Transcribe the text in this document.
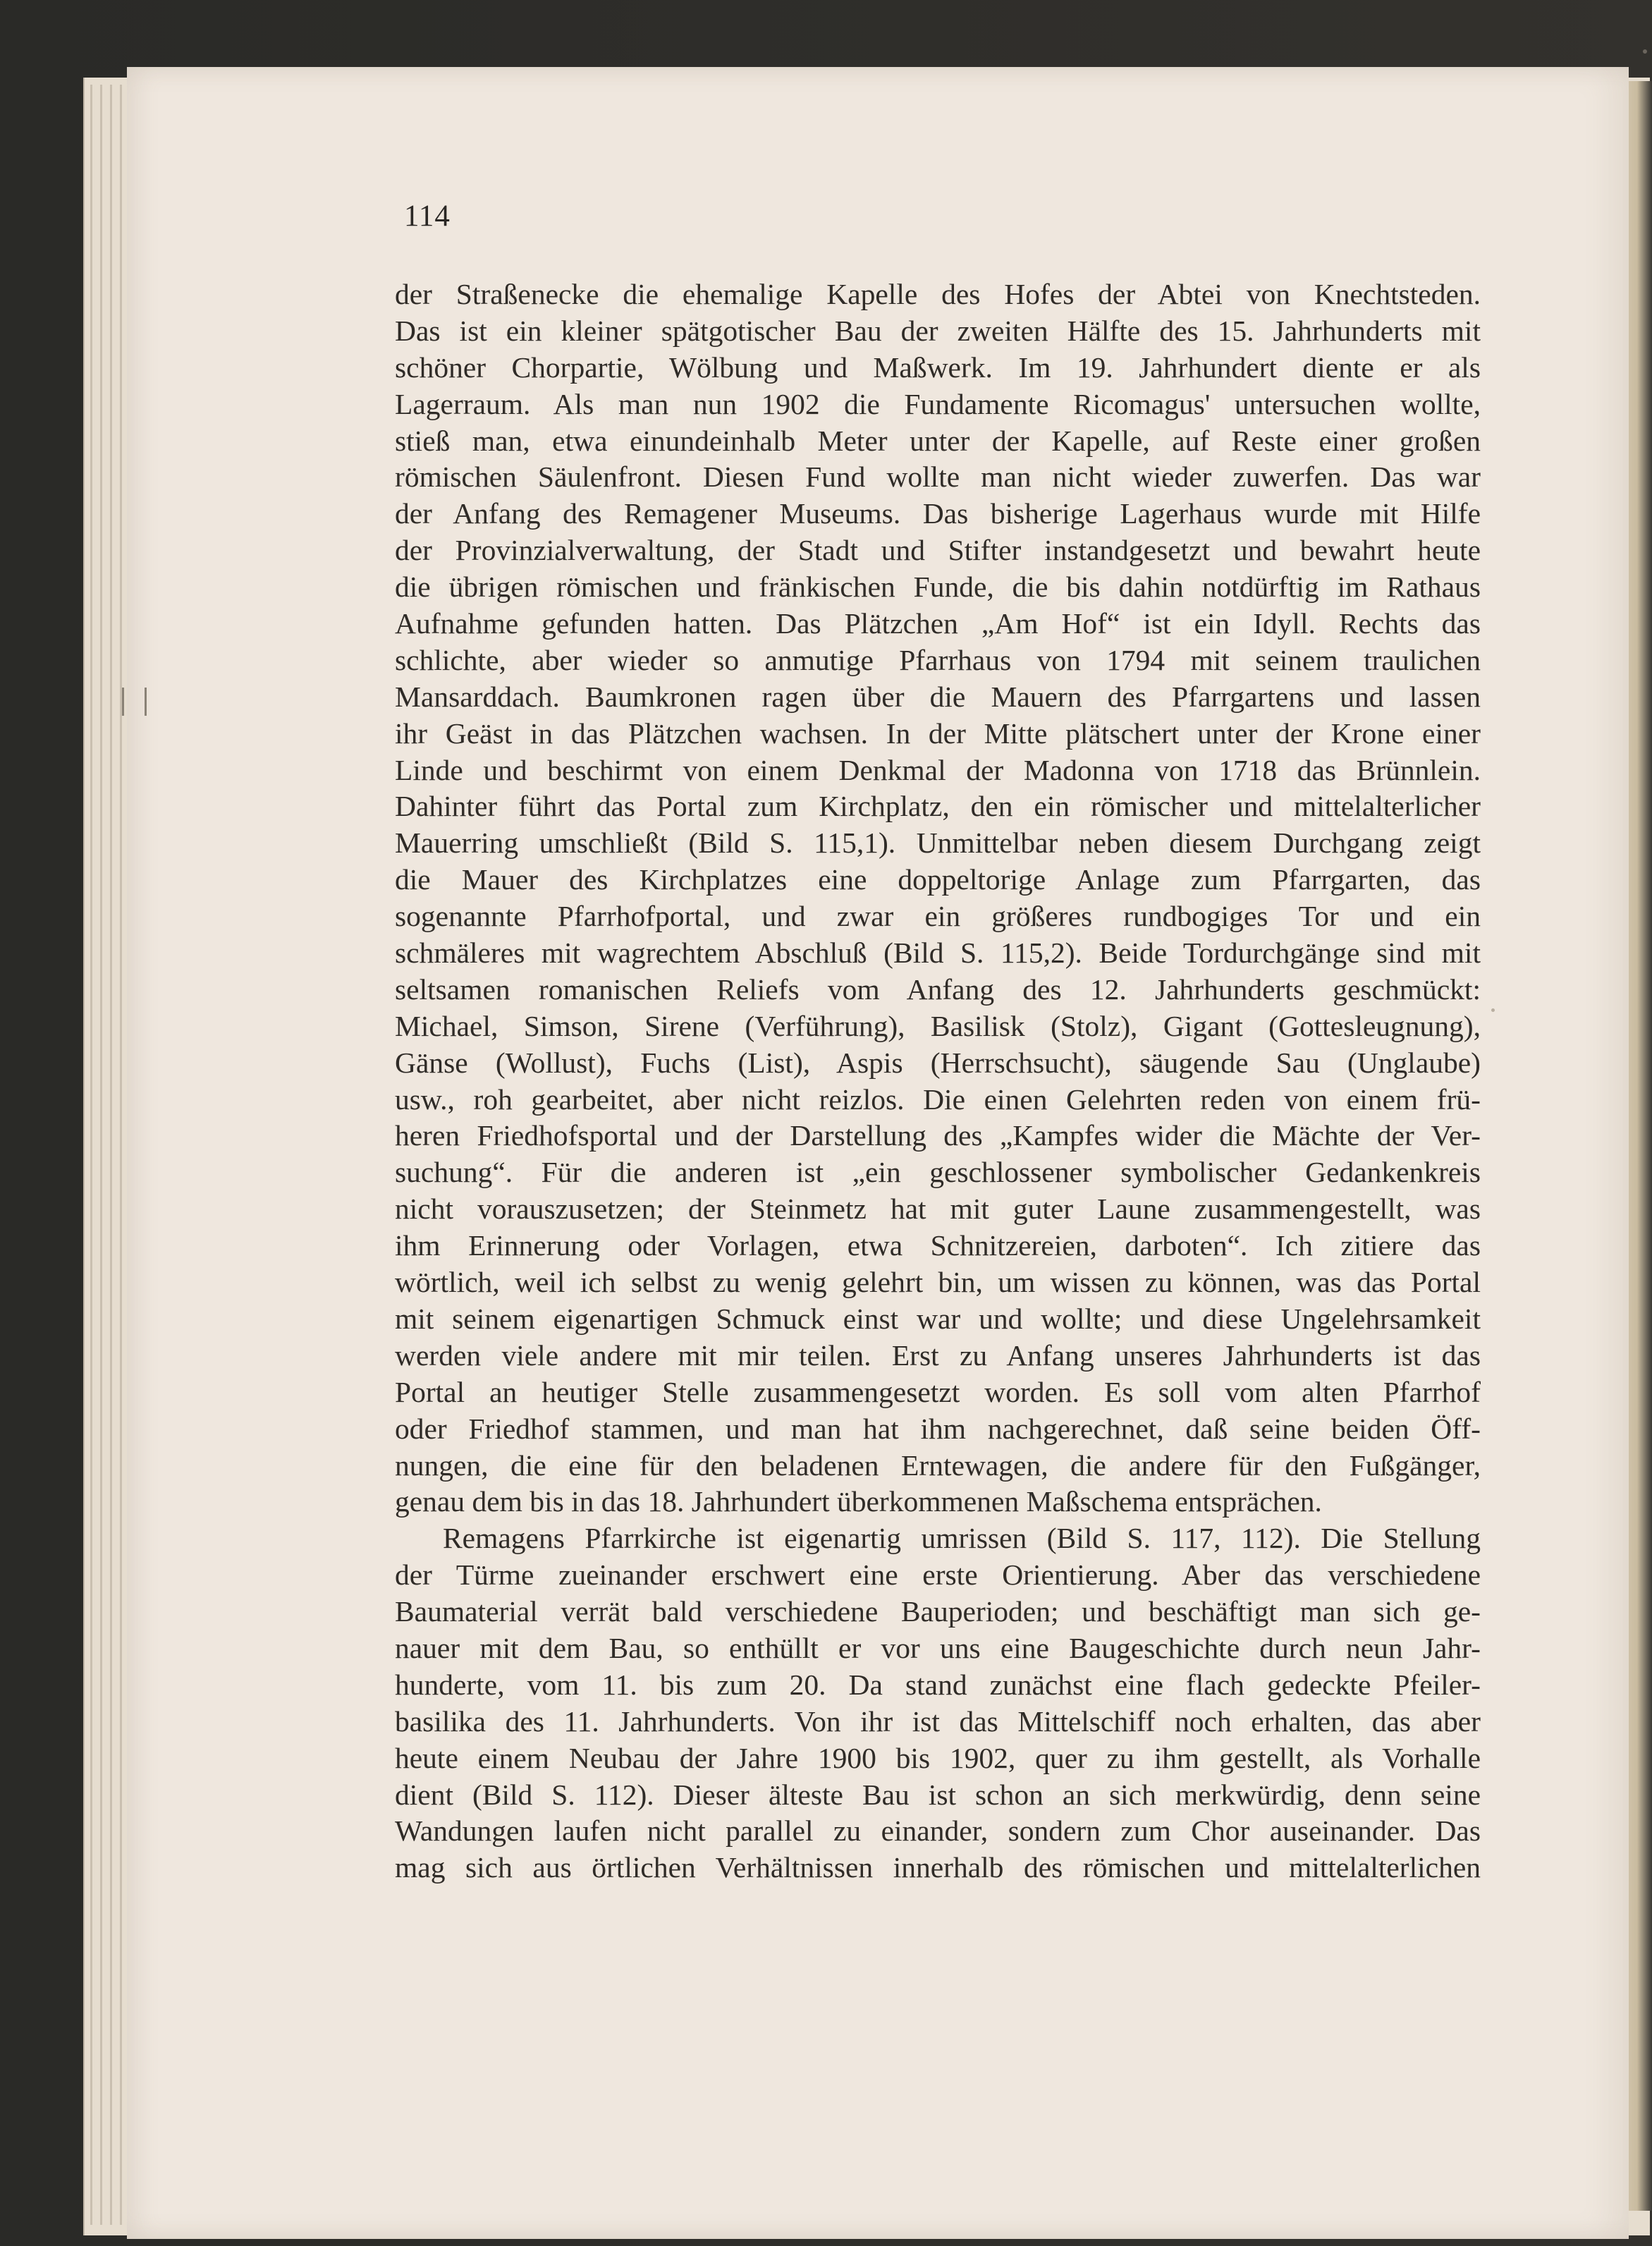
114
der Straßenecke die ehemalige Kapelle des Hofes der Abtei von Knechtsteden.
Das ist ein kleiner spätgotischer Bau der zweiten Hälfte des 15. Jahrhunderts mit
schöner Chorpartie, Wölbung und Maßwerk. Im 19. Jahrhundert diente er als
Lagerraum. Als man nun 1902 die Fundamente Ricomagus' untersuchen wollte,
stieß man, etwa einundeinhalb Meter unter der Kapelle, auf Reste einer großen
römischen Säulenfront. Diesen Fund wollte man nicht wieder zuwerfen. Das war
der Anfang des Remagener Museums. Das bisherige Lagerhaus wurde mit Hilfe
der Provinzialverwaltung, der Stadt und Stifter instandgesetzt und bewahrt heute
die übrigen römischen und fränkischen Funde, die bis dahin notdürftig im Rathaus
Aufnahme gefunden hatten. Das Plätzchen „Am Hof“ ist ein Idyll. Rechts das
schlichte, aber wieder so anmutige Pfarrhaus von 1794 mit seinem traulichen
Mansarddach. Baumkronen ragen über die Mauern des Pfarrgartens und lassen
ihr Geäst in das Plätzchen wachsen. In der Mitte plätschert unter der Krone einer
Linde und beschirmt von einem Denkmal der Madonna von 1718 das Brünnlein.
Dahinter führt das Portal zum Kirchplatz, den ein römischer und mittelalterlicher
Mauerring umschließt (Bild S. 115,1). Unmittelbar neben diesem Durchgang zeigt
die Mauer des Kirchplatzes eine doppeltorige Anlage zum Pfarrgarten, das
sogenannte Pfarrhofportal, und zwar ein größeres rundbogiges Tor und ein
schmäleres mit wagrechtem Abschluß (Bild S. 115,2). Beide Tordurchgänge sind mit
seltsamen romanischen Reliefs vom Anfang des 12. Jahrhunderts geschmückt:
Michael, Simson, Sirene (Verführung), Basilisk (Stolz), Gigant (Gottesleugnung),
Gänse (Wollust), Fuchs (List), Aspis (Herrschsucht), säugende Sau (Unglaube)
usw., roh gearbeitet, aber nicht reizlos. Die einen Gelehrten reden von einem frü-
heren Friedhofsportal und der Darstellung des „Kampfes wider die Mächte der Ver-
suchung“. Für die anderen ist „ein geschlossener symbolischer Gedankenkreis
nicht vorauszusetzen; der Steinmetz hat mit guter Laune zusammengestellt, was
ihm Erinnerung oder Vorlagen, etwa Schnitzereien, darboten“. Ich zitiere das
wörtlich, weil ich selbst zu wenig gelehrt bin, um wissen zu können, was das Portal
mit seinem eigenartigen Schmuck einst war und wollte; und diese Ungelehrsamkeit
werden viele andere mit mir teilen. Erst zu Anfang unseres Jahrhunderts ist das
Portal an heutiger Stelle zusammengesetzt worden. Es soll vom alten Pfarrhof
oder Friedhof stammen, und man hat ihm nachgerechnet, daß seine beiden Öff-
nungen, die eine für den beladenen Erntewagen, die andere für den Fußgänger,
genau dem bis in das 18. Jahrhundert überkommenen Maßschema entsprächen.
Remagens Pfarrkirche ist eigenartig umrissen (Bild S. 117, 112). Die Stellung
der Türme zueinander erschwert eine erste Orientierung. Aber das verschiedene
Baumaterial verrät bald verschiedene Bauperioden; und beschäftigt man sich ge-
nauer mit dem Bau, so enthüllt er vor uns eine Baugeschichte durch neun Jahr-
hunderte, vom 11. bis zum 20. Da stand zunächst eine flach gedeckte Pfeiler-
basilika des 11. Jahrhunderts. Von ihr ist das Mittelschiff noch erhalten, das aber
heute einem Neubau der Jahre 1900 bis 1902, quer zu ihm gestellt, als Vorhalle
dient (Bild S. 112). Dieser älteste Bau ist schon an sich merkwürdig, denn seine
Wandungen laufen nicht parallel zu einander, sondern zum Chor auseinander. Das
mag sich aus örtlichen Verhältnissen innerhalb des römischen und mittelalterlichen
